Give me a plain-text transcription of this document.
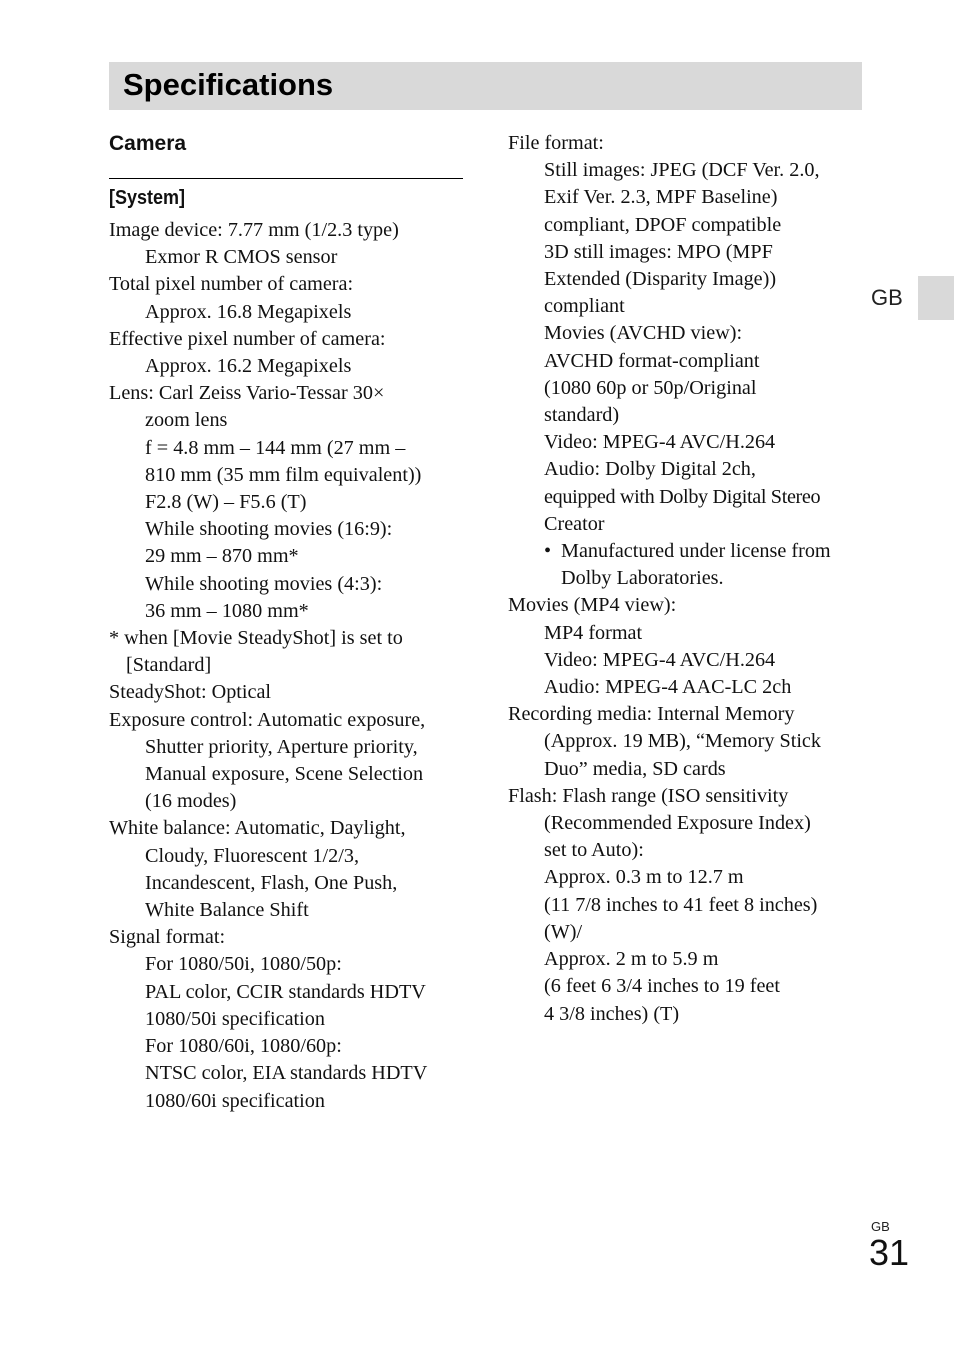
Specifications
GB
Camera
[System]
Image device: 7.77 mm (1/2.3 type)
Exmor R CMOS sensor
Total pixel number of camera:
Approx. 16.8 Megapixels
Effective pixel number of camera:
Approx. 16.2 Megapixels
Lens: Carl Zeiss Vario-Tessar 30×
zoom lens
f = 4.8 mm – 144 mm (27 mm –
810 mm (35 mm film equivalent))
F2.8 (W) – F5.6 (T)
While shooting movies (16:9):
29 mm – 870 mm*
While shooting movies (4:3):
36 mm – 1080 mm*
* when [Movie SteadyShot] is set to
[Standard]
SteadyShot: Optical
Exposure control: Automatic exposure,
Shutter priority, Aperture priority,
Manual exposure, Scene Selection
(16 modes)
White balance: Automatic, Daylight,
Cloudy, Fluorescent 1/2/3,
Incandescent, Flash, One Push,
White Balance Shift
Signal format:
For 1080/50i, 1080/50p:
PAL color, CCIR standards HDTV
1080/50i specification
For 1080/60i, 1080/60p:
NTSC color, EIA standards HDTV
1080/60i specification
File format:
Still images: JPEG (DCF Ver. 2.0,
Exif Ver. 2.3, MPF Baseline)
compliant, DPOF compatible
3D still images: MPO (MPF
Extended (Disparity Image))
compliant
Movies (AVCHD view):
AVCHD format-compliant
(1080 60p or 50p/Original
standard)
Video: MPEG-4 AVC/H.264
Audio: Dolby Digital 2ch,
equipped with Dolby Digital Stereo
Creator
• Manufactured under license from
Dolby Laboratories.
Movies (MP4 view):
MP4 format
Video: MPEG-4 AVC/H.264
Audio: MPEG-4 AAC-LC 2ch
Recording media: Internal Memory
(Approx. 19 MB), “Memory Stick
Duo” media, SD cards
Flash: Flash range (ISO sensitivity
(Recommended Exposure Index)
set to Auto):
Approx. 0.3 m to 12.7 m
(11 7/8 inches to 41 feet 8 inches)
(W)/
Approx. 2 m to 5.9 m
(6 feet 6 3/4 inches to 19 feet
4 3/8 inches) (T)
GB
31
